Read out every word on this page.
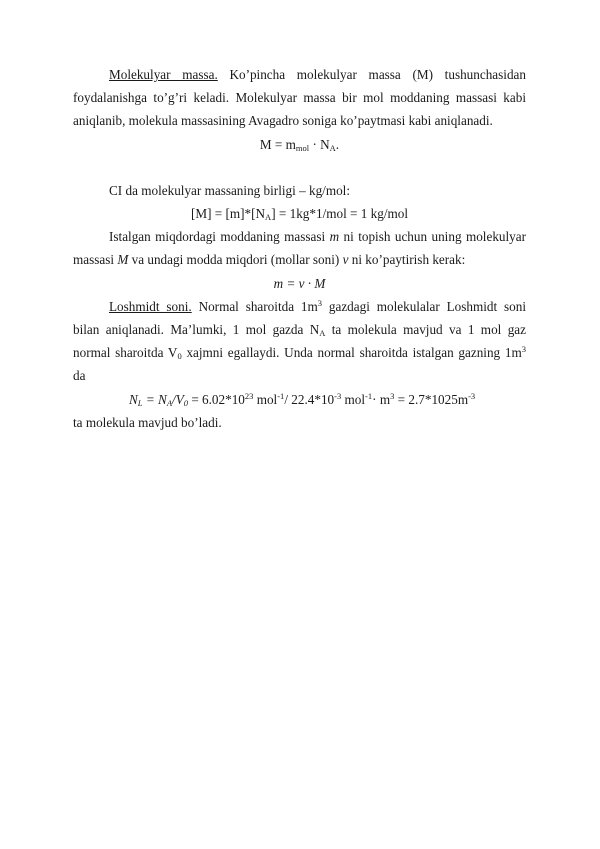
Molekulyar massa. Ko’pincha molekulyar massa (M) tushunchasidan foydalanishga to’g’ri keladi. Molekulyar massa bir mol moddaning massasi kabi aniqlanib, molekula massasining Avagadro soniga ko’paytmasi kabi aniqlanadi.

$M = m_{mol} \cdot N_A$.

CI da molekulyar massaning birligi – kg/mol:

$[M] = [m]*[N_A] = 1kg*1/mol = 1$ kg/mol

Istalgan miqdordagi moddaning massasi m ni topish uchun uning molekulyar massasi M va undagi modda miqdori (mollar soni) ν ni ko’paytirish kerak:

m = ν · M

Loshmidt soni. Normal sharoitda $1m^3$ gazdagi molekulalar Loshmidt soni bilan aniqlanadi. Ma’lumki, 1 mol gazda $N_A$ ta molekula mavjud va 1 mol gaz normal sharoitda $V_0$ xajmni egallaydi. Unda normal sharoitda istalgan gazning $1m^3$ da

$N_L = N_A/V_0 = 6.02*10^{23}$ mol$^{-1}$/ $22.4*10^{-3}$ $mol^{-1}\cdot m^3 = 2.7*1025m^{-3}$

ta molekula mavjud bo’ladi.
